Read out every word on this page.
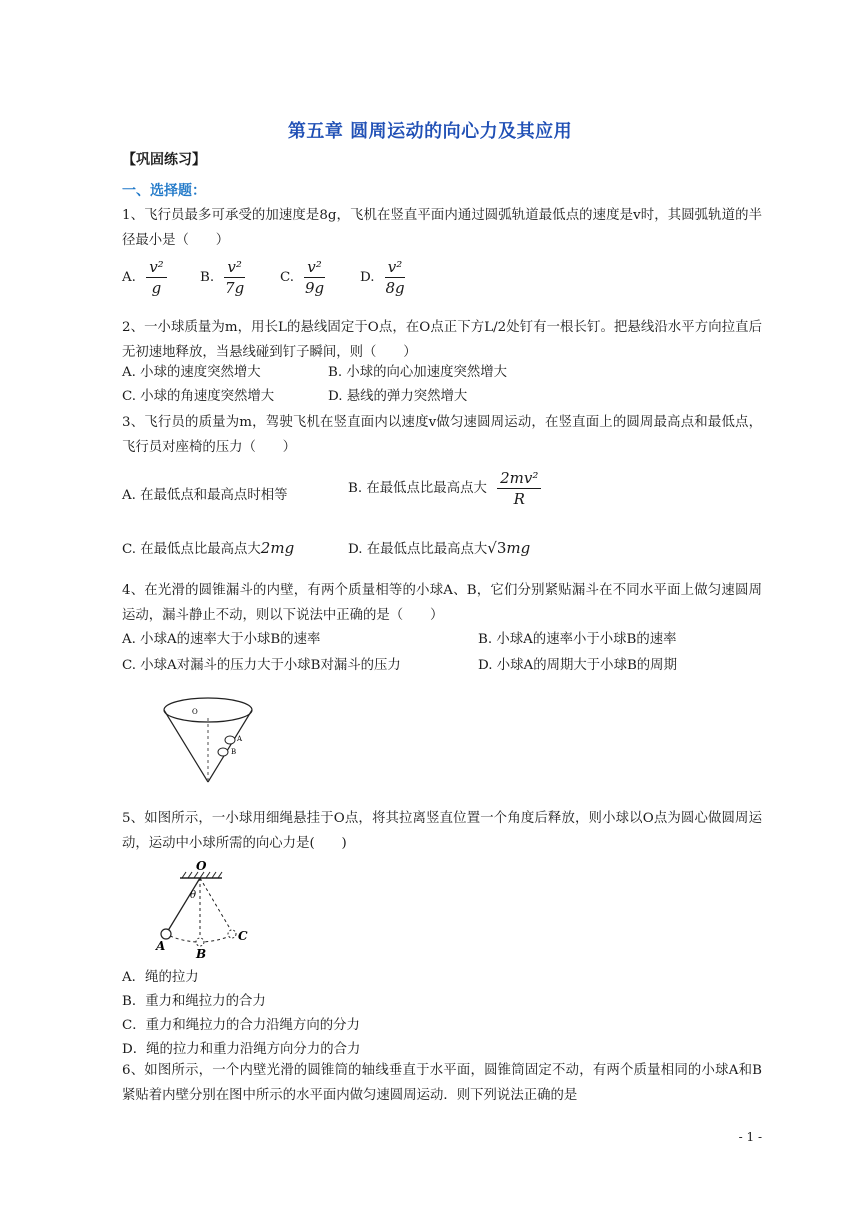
第五章 圆周运动的向心力及其应用
【巩固练习】
一、选择题：
1、飞行员最多可承受的加速度是8g，飞机在竖直平面内通过圆弧轨道最低点的速度是v时，其圆弧轨道的半径最小是（　　）
A. $\frac{\text{v²}}{g} B$. $\frac{\text{v²}}{7g}$	C. $\frac{\text{v²}}{9g}$	D. $\frac{\text{v²}}{8g}$
2、一小球质量为m，用长L的悬线固定于O点，在O点正下方L/2处钉有一根长钉。把悬线沿水平方向拉直后无初速地释放，当悬线碰到钉子瞬间，则（　　）
A. 小球的速度突然增大	B. 小球的向心加速度突然增大
C. 小球的角速度突然增大	D. 悬线的弹力突然增大
3、飞行员的质量为m，驾驶飞机在竖直面内以速度v做匀速圆周运动，在竖直面上的圆周最高点和最低点，飞行员对座椅的压力（　　）
A. 在最低点和最高点时相等	B. 在最低点比最高点大 $\frac{\text{2mv²}}{R}$
C. 在最低点比最高点大2mg	D. 在最低点比最高点大√3mg
4、在光滑的圆锥漏斗的内壁，有两个质量相等的小球A、B，它们分别紧贴漏斗在不同水平面上做匀速圆周运动，漏斗静止不动，则以下说法中正确的是（　　）
A. 小球A的速率大于小球B的速率	B. 小球A的速率小于小球B的速率
C. 小球A对漏斗的压力大于小球B对漏斗的压力	D. 小球A的周期大于小球B的周期
O
A
B
5、如图所示，一小球用细绳悬挂于O点，将其拉离竖直位置一个角度后释放，则小球以O点为圆心做圆周运动，运动中小球所需的向心力是(　　)
O
θ
A
B
C
A．绳的拉力
B．重力和绳拉力的合力
C．重力和绳拉力的合力沿绳方向的分力
D．绳的拉力和重力沿绳方向分力的合力
6、如图所示，一个内壁光滑的圆锥筒的轴线垂直于水平面，圆锥筒固定不动，有两个质量相同的小球A和B紧贴着内壁分别在图中所示的水平面内做匀速圆周运动．则下列说法正确的是
- 1 -
